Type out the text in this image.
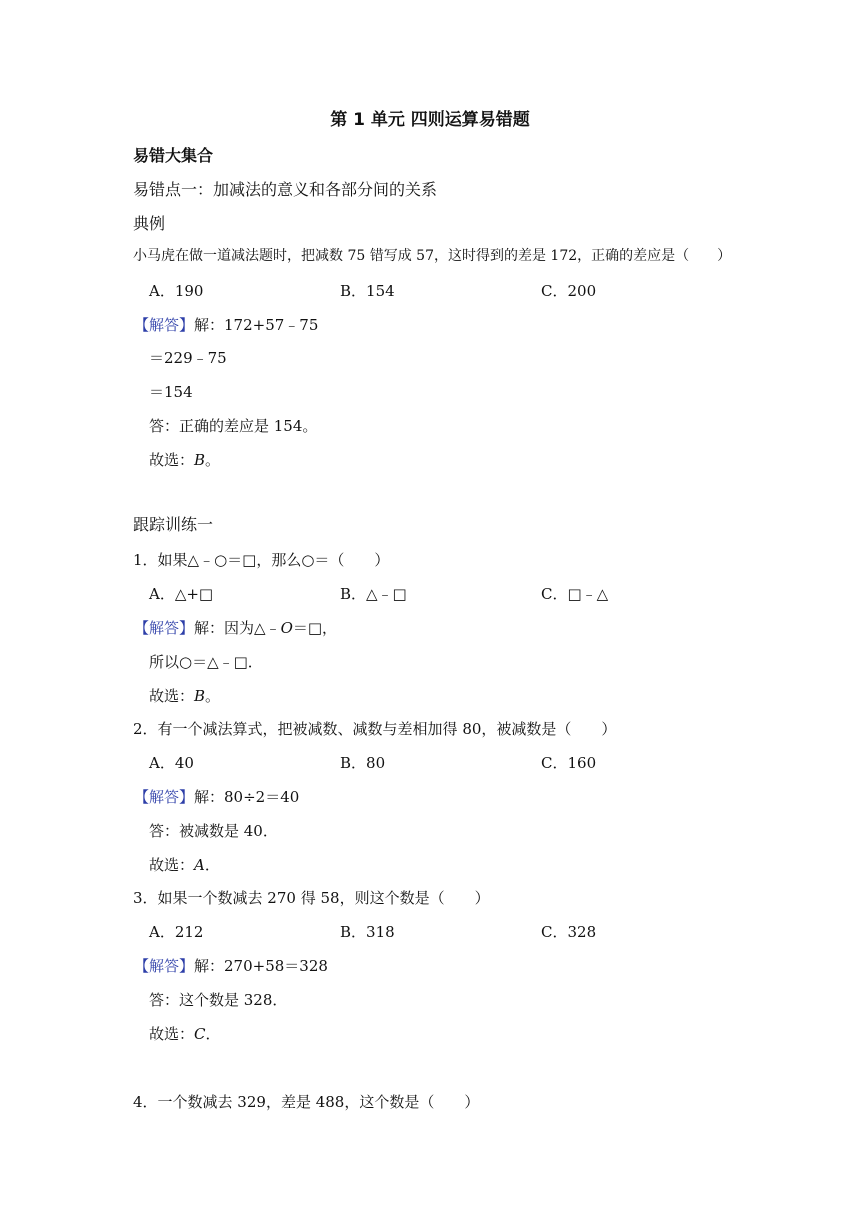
第 1 单元 四则运算易错题
易错大集合
易错点一：加减法的意义和各部分间的关系
典例
小马虎在做一道减法题时，把减数 75 错写成 57，这时得到的差是 172，正确的差应是（　　）
A．190	B．154	C．200
【解答】解：172+57﹣75
＝229﹣75
＝154
答：正确的差应是 154。
故选：B。
跟踪训练一
1．如果△﹣○＝□，那么○＝（　　）
A．△+□	B．△﹣□	C．□﹣△
【解答】解：因为△﹣O＝□，
所以○＝△﹣□．
故选：B。
2．有一个减法算式，把被减数、减数与差相加得 80，被减数是（　　）
A．40	B．80	C．160
【解答】解：80÷2＝40
答：被减数是 40．
故选：A．
3．如果一个数减去 270 得 58，则这个数是（　　）
A．212	B．318	C．328
【解答】解：270+58＝328
答：这个数是 328．
故选：C．
4．一个数减去 329，差是 488，这个数是（　　）
